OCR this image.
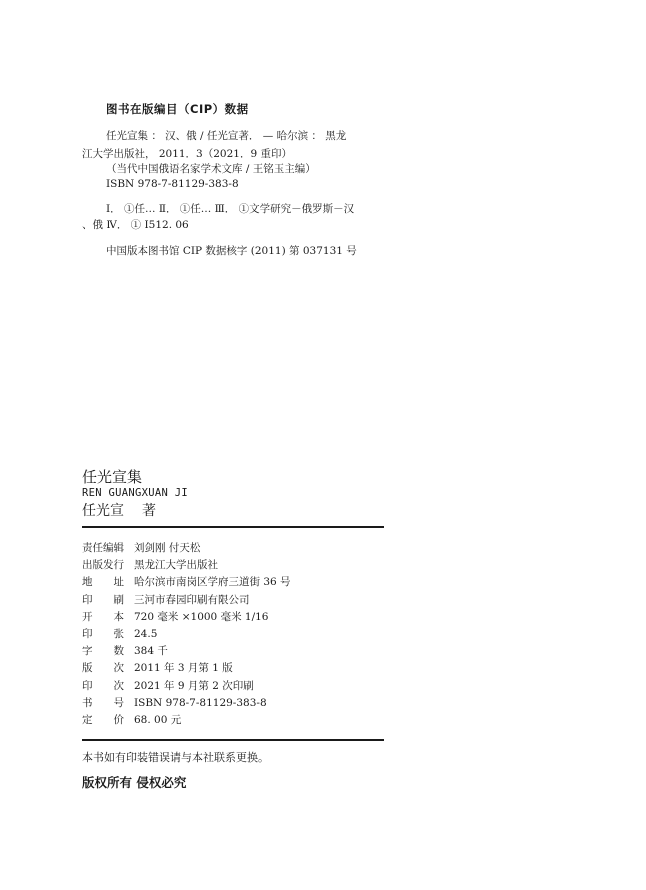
图书在版编目（CIP）数据
任光宣集 ： 汉、俄 / 任光宣著． — 哈尔滨 ： 黑龙
江大学出版社， 2011．3（2021．9 重印）
（当代中国俄语名家学术文库 / 王铭玉主编）
ISBN 978-7-81129-383-8
Ⅰ． ①任… Ⅱ． ①任… Ⅲ． ①文学研究－俄罗斯－汉
、俄 Ⅳ． ① I512. 06
中国版本图书馆 CIP 数据核字 (2011) 第 037131 号
任光宣集
REN GUANGXUAN JI
任光宣 著
责任编辑 刘剑刚 付天松
出版发行 黑龙江大学出版社
地　　址 哈尔滨市南岗区学府三道街 36 号
印　　刷 三河市春园印刷有限公司
开　　本 720 毫米 ×1000 毫米 1/16
印　　张 24.5
字　　数 384 千
版　　次 2011 年 3 月第 1 版
印　　次 2021 年 9 月第 2 次印刷
书　　号 ISBN 978-7-81129-383-8
定　　价 68. 00 元
本书如有印装错误请与本社联系更换。
版权所有 侵权必究
